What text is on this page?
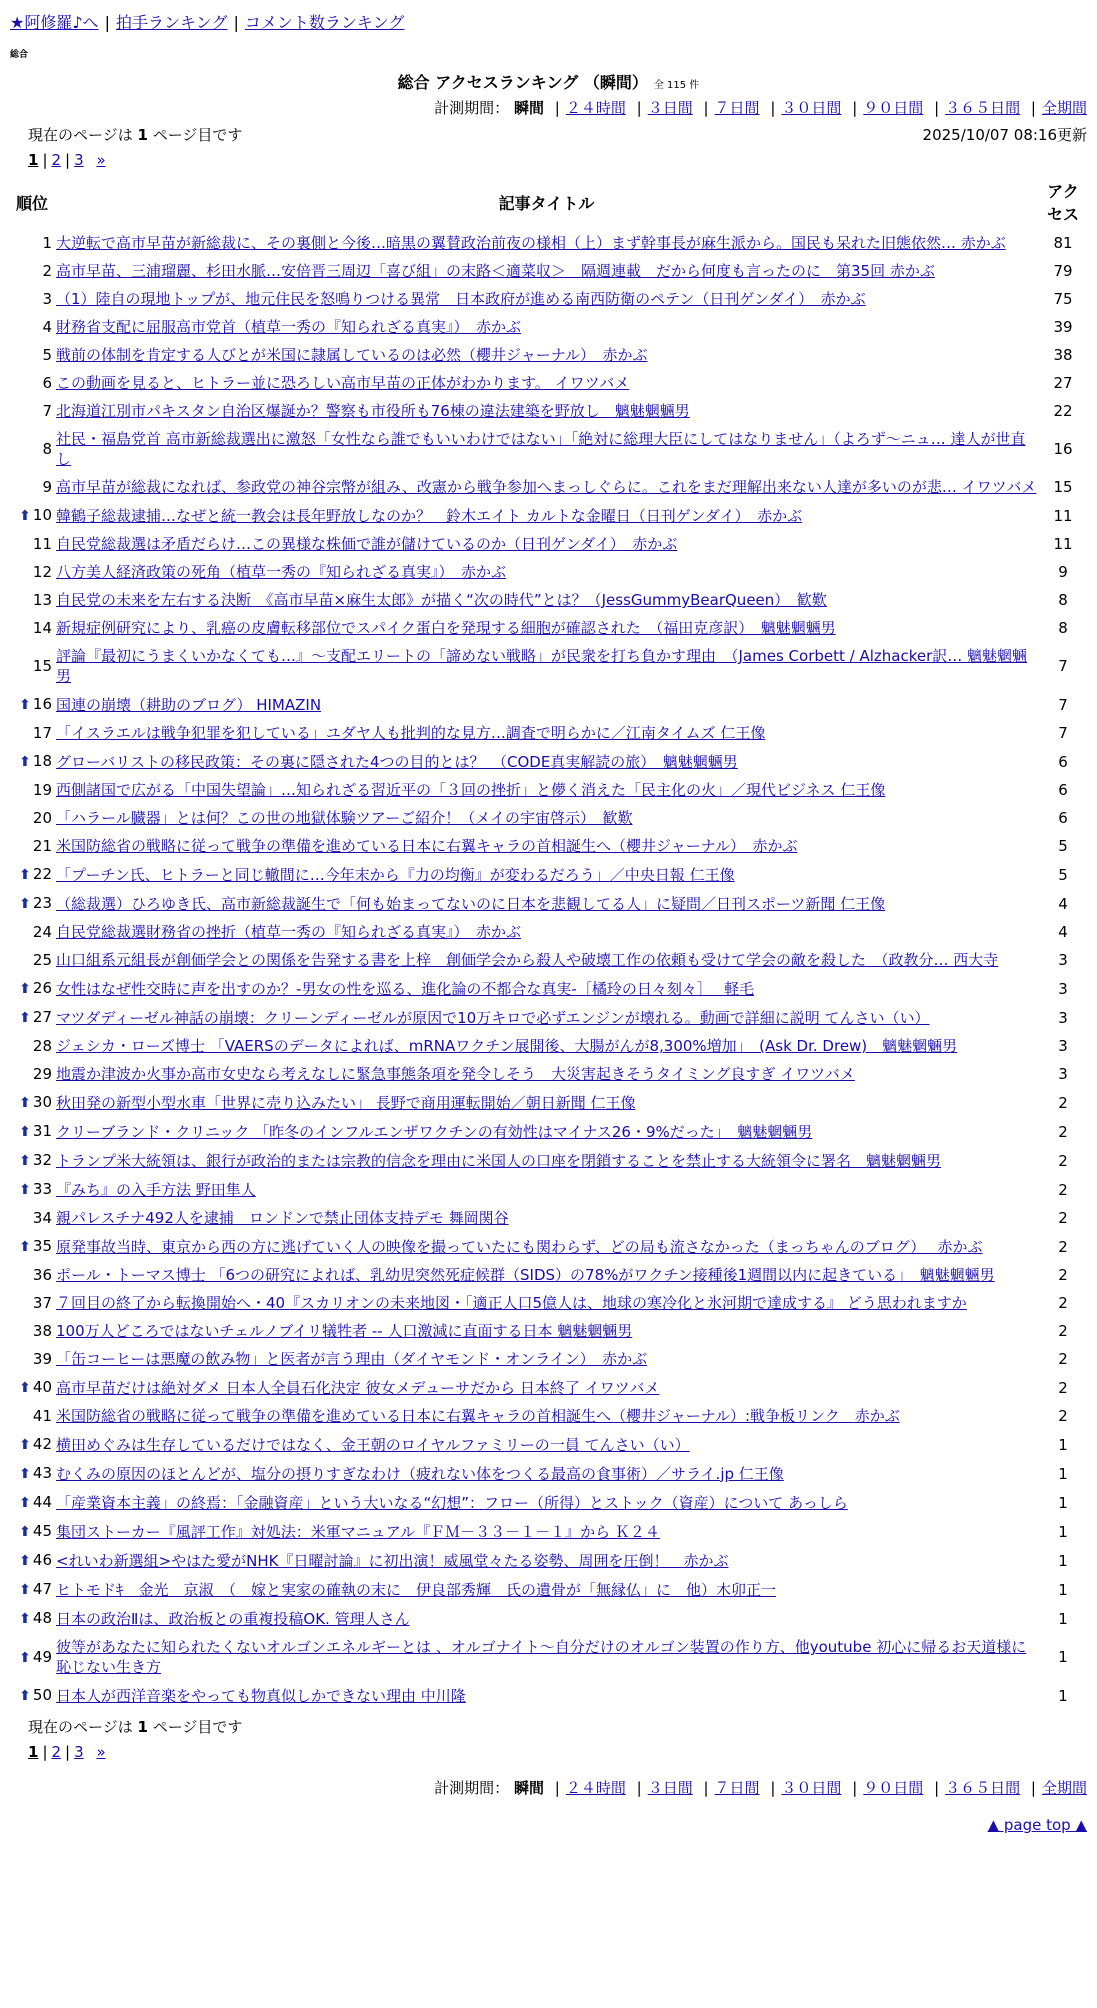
★阿修羅♪へ | 拍手ランキング | コメント数ランキング
総合
総合 アクセスランキング （瞬間） 全 115 件
計測期間： 瞬間 | ２４時間 | ３日間 | ７日間 | ３０日間 | ９０日間 | ３６５日間 | 全期間
現在のページは 1 ページ目です	2025/10/07 08:16更新
1 | 2 | 3 »
順位	記事タイトル	アクセス
1	大逆転で高市早苗が新総裁に、その裏側と今後…暗黒の翼賛政治前夜の様相（上）まず幹事長が麻生派から。国民も呆れた旧態依然… 赤かぶ	81
2	高市早苗、三浦瑠麗、杉田水脈…安倍晋三周辺「喜び組」の末路＜適菜収＞　隔週連載　だから何度も言ったのに　第35回 赤かぶ	79
3	（1）陸自の現地トップが、地元住民を怒鳴りつける異常　日本政府が進める南西防衛のペテン（日刊ゲンダイ）　赤かぶ	75
4	財務省支配に屈服高市党首（植草一秀の『知られざる真実』）　赤かぶ	39
5	戦前の体制を肯定する人びとが米国に隷属しているのは必然（櫻井ジャーナル）　赤かぶ	38
6	この動画を見ると、ヒトラー並に恐ろしい高市早苗の正体がわかります。 イワツバメ	27
7	北海道江別市パキスタン自治区爆誕か？警察も市役所も76棟の違法建築を野放し　魑魅魍魎男	22
8	社民・福島党首 高市新総裁選出に激怒「女性なら誰でもいいわけではない」「絶対に総理大臣にしてはなりません」（よろず〜ニュ… 達人が世直し	16
9	高市早苗が総裁になれば、参政党の神谷宗幣が組み、改憲から戦争参加へまっしぐらに。これをまだ理解出来ない人達が多いのが悲… イワツバメ	15
⬆ 10	韓鶴子総裁逮捕…なぜと統一教会は長年野放しなのか？　鈴木エイト カルトな金曜日（日刊ゲンダイ）　赤かぶ	11
11	自民党総裁選は矛盾だらけ…この異様な株価で誰が儲けているのか（日刊ゲンダイ）　赤かぶ	11
12	八方美人経済政策の死角（植草一秀の『知られざる真実』）　赤かぶ	9
13	自民党の未来を左右する決断　《高市早苗×麻生太郎》が描く“次の時代”とは？（JessGummyBearQueen）　歓歎	8
14	新規症例研究により、乳癌の皮膚転移部位でスパイク蛋白を発現する細胞が確認された　（福田克彦訳）　魑魅魍魎男	8
15	評論『最初にうまくいかなくても…』〜支配エリートの「諦めない戦略」が民衆を打ち負かす理由　（James Corbett / Alzhacker訳… 魑魅魍魎男	7
⬆ 16	国連の崩壊（耕助のブログ） HIMAZIN	7
17	「イスラエルは戦争犯罪を犯している」ユダヤ人も批判的な見方…調査で明らかに／江南タイムズ 仁王像	7
⬆ 18	グローバリストの移民政策：その裏に隠された4つの目的とは？　（CODE真実解読の旅）　魑魅魍魎男	6
19	西側諸国で広がる「中国失望論」…知られざる習近平の「３回の挫折」と儚く消えた「民主化の火」／現代ビジネス 仁王像	6
20	「ハラール臓器」とは何？この世の地獄体験ツアーご紹介！（メイの宇宙啓示）　歓歎	6
21	米国防総省の戦略に従って戦争の準備を進めている日本に右翼キャラの首相誕生へ（櫻井ジャーナル）　赤かぶ	5
⬆ 22	「プーチン氏、ヒトラーと同じ轍間に…今年末から『力の均衡』が変わるだろう」／中央日報 仁王像	5
⬆ 23	（総裁選）ひろゆき氏、高市新総裁誕生で「何も始まってないのに日本を悲観してる人」に疑問／日刊スポーツ新聞 仁王像	4
24	自民党総裁選財務省の挫折（植草一秀の『知られざる真実』）　赤かぶ	4
25	山口組系元組長が創価学会との関係を告発する書を上梓　創価学会から殺人や破壊工作の依頼も受けて学会の敵を殺した　（政教分… 西大寺	3
⬆ 26	女性はなぜ性交時に声を出すのか？-男女の性を巡る、進化論の不都合な真実-［橘玲の日々刻々］　 軽毛	3
⬆ 27	マツダディーゼル神話の崩壊：クリーンディーゼルが原因で10万キロで必ずエンジンが壊れる。動画で詳細に説明 てんさい（い）	3
28	ジェシカ・ローズ博士 「VAERSのデータによれば、mRNAワクチン展開後、大腸がんが8,300%増加」　(Ask Dr. Drew)　魑魅魍魎男	3
29	地震か津波か火事か高市女史なら考えなしに緊急事態条項を発令しそう　大災害起きそうタイミング良すぎ イワツバメ	3
⬆ 30	秋田発の新型小型水車「世界に売り込みたい」 長野で商用運転開始／朝日新聞 仁王像	2
⬆ 31	クリーブランド・クリニック 「昨冬のインフルエンザワクチンの有効性はマイナス26・9%だった」　魑魅魍魎男	2
⬆ 32	トランプ米大統領は、銀行が政治的または宗教的信念を理由に米国人の口座を閉鎖することを禁止する大統領令に署名　魑魅魍魎男	2
⬆ 33	『みち』の入手方法 野田隼人	2
34	親パレスチナ492人を逮捕　ロンドンで禁止団体支持デモ 舞岡関谷	2
⬆ 35	原発事故当時、東京から西の方に逃げていく人の映像を撮っていたにも関わらず、どの局も流さなかった（まっちゃんのブログ）　 赤かぶ	2
36	ポール・トーマス博士 「6つの研究によれば、乳幼児突然死症候群（SIDS）の78%がワクチン接種後1週間以内に起きている」　魑魅魍魎男	2
37	７回目の終了から転換開始へ・40『スカリオンの未来地図・「適正人口5億人は、地球の寒冷化と氷河期で達成する』 どう思われますか	2
38	100万人どころではないチェルノブイリ犠牲者 -- 人口激減に直面する日本 魑魅魍魎男	2
39	「缶コーヒーは悪魔の飲み物」と医者が言う理由（ダイヤモンド・オンライン）　赤かぶ	2
⬆ 40	高市早苗だけは絶対ダメ 日本人全員石化決定 彼女メデューサだから 日本終了 イワツバメ	2
41	米国防総省の戦略に従って戦争の準備を進めている日本に右翼キャラの首相誕生へ（櫻井ジャーナル）:戦争板リンク　赤かぶ	2
⬆ 42	横田めぐみは生存しているだけではなく、金王朝のロイヤルファミリーの一員 てんさい（い）	1
⬆ 43	むくみの原因のほとんどが、塩分の摂りすぎなわけ（疲れない体をつくる最高の食事術）／サライ.jp 仁王像	1
⬆ 44	「産業資本主義」の終焉：「金融資産」という大いなる“幻想”：フロー（所得）とストック（資産）について あっしら	1
⬆ 45	集団ストーカー『風評工作』対処法：米軍マニュアル『ＦＭ－３３－１－１』から Ｋ２４	1
⬆ 46	<れいわ新選組>やはた愛がNHK『日曜討論』に初出演！威風堂々たる姿勢、周囲を圧倒！　赤かぶ	1
⬆ 47	ヒトモドｷ　金光　京淑　（　嫁と実家の確執の末に　伊良部秀輝　氏の遺骨が「無縁仏」に　他）木卯正一	1
⬆ 48	日本の政治Ⅱは、政治板との重複投稿OK. 管理人さん	1
⬆ 49	彼等があなたに知られたくないオルゴンエネルギーとは 、オルゴナイト〜自分だけのオルゴン装置の作り方、他youtube 初心に帰るお天道様に恥じない生き方	1
⬆ 50	日本人が西洋音楽をやっても物真似しかできない理由 中川隆	1
現在のページは 1 ページ目です
1 | 2 | 3 »
計測期間： 瞬間 | ２４時間 | ３日間 | ７日間 | ３０日間 | ９０日間 | ３６５日間 | 全期間
▲ page top ▲
